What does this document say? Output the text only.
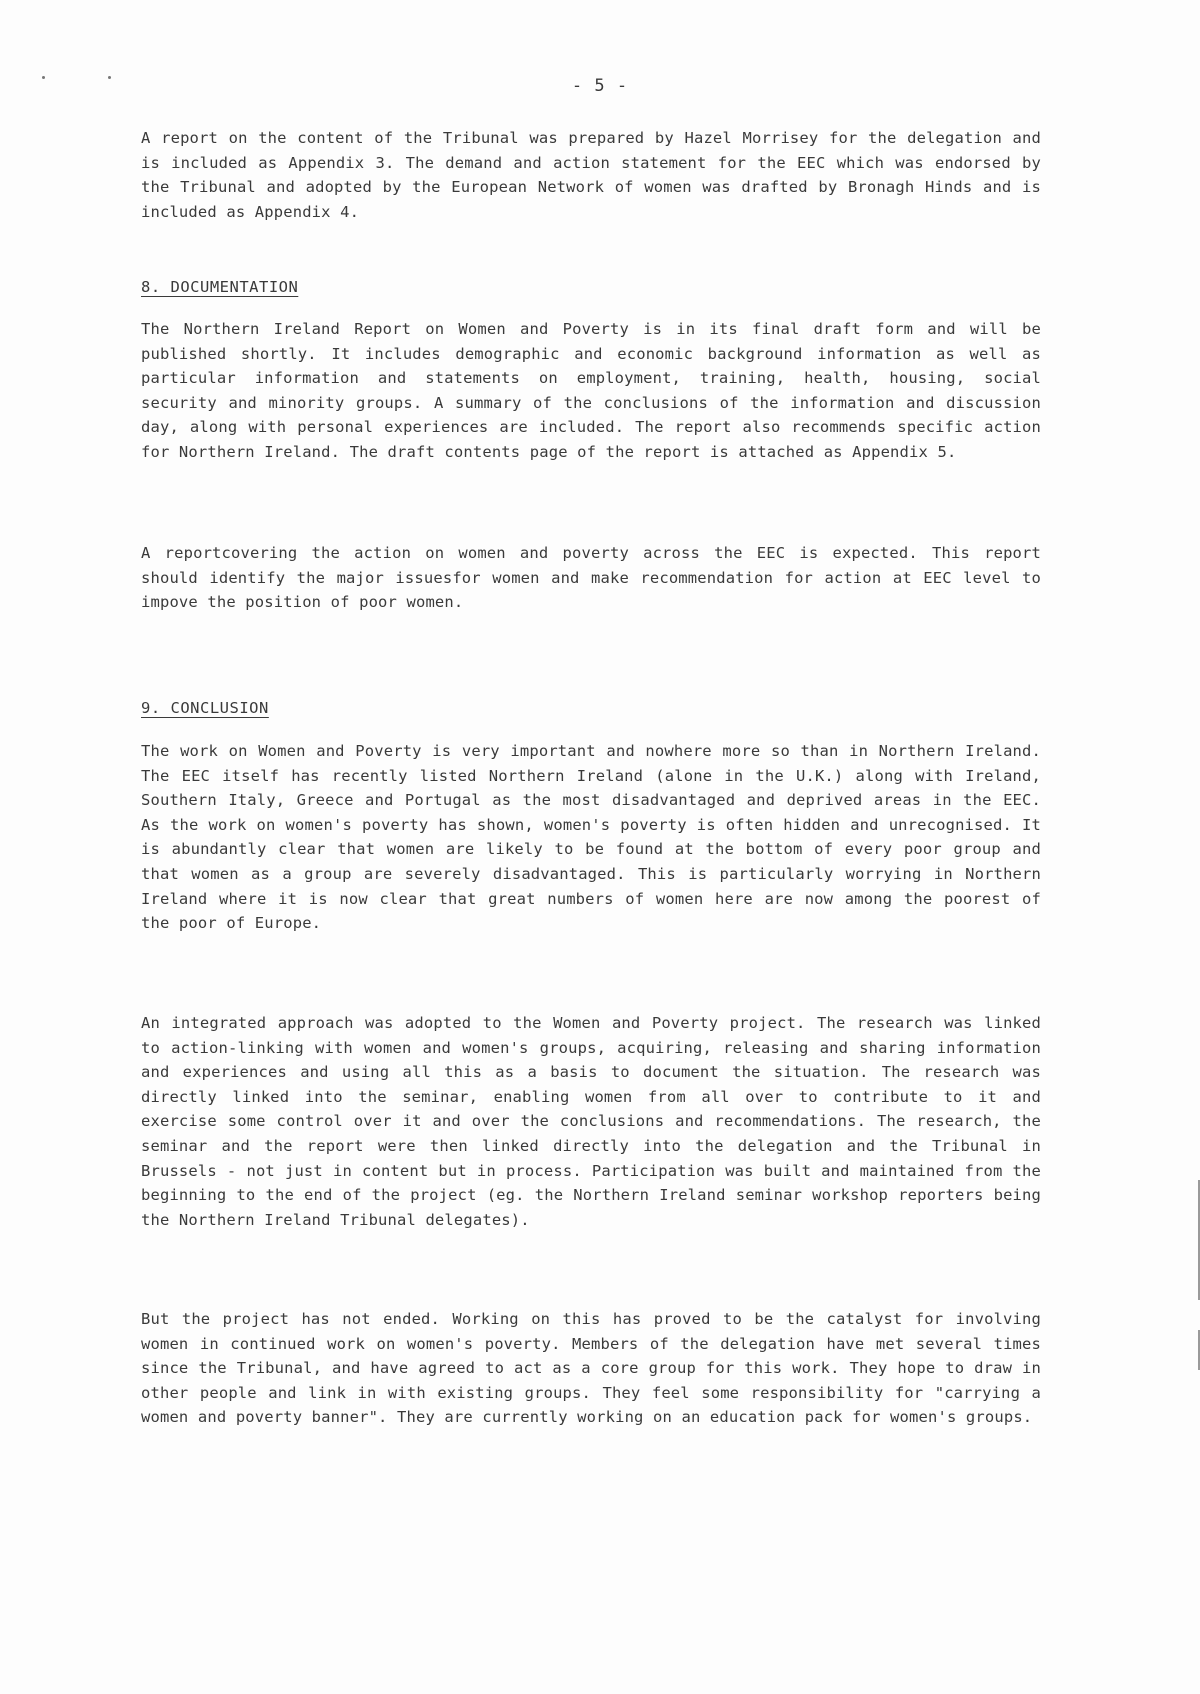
- 5 -

A report on the content of the Tribunal was prepared by Hazel Morrisey for the delegation and is included as Appendix 3. The demand and action statement for the EEC which was endorsed by the Tribunal and adopted by the European Network of women was drafted by Bronagh Hinds and is included as Appendix 4.

8. DOCUMENTATION

The Northern Ireland Report on Women and Poverty is in its final draft form and will be published shortly. It includes demographic and economic background information as well as particular information and statements on employment, training, health, housing, social security and minority groups. A summary of the conclusions of the information and discussion day, along with personal experiences are included. The report also recommends specific action for Northern Ireland. The draft contents page of the report is attached as Appendix 5.

A reportcovering the action on women and poverty across the EEC is expected. This report should identify the major issuesfor women and make recommendation for action at EEC level to impove the position of poor women.

9. CONCLUSION

The work on Women and Poverty is very important and nowhere more so than in Northern Ireland. The EEC itself has recently listed Northern Ireland (alone in the U.K.) along with Ireland, Southern Italy, Greece and Portugal as the most disadvantaged and deprived areas in the EEC. As the work on women's poverty has shown, women's poverty is often hidden and unrecognised. It is abundantly clear that women are likely to be found at the bottom of every poor group and that women as a group are severely disadvantaged. This is particularly worrying in Northern Ireland where it is now clear that great numbers of women here are now among the poorest of the poor of Europe.

An integrated approach was adopted to the Women and Poverty project. The research was linked to action-linking with women and women's groups, acquiring, releasing and sharing information and experiences and using all this as a basis to document the situation. The research was directly linked into the seminar, enabling women from all over to contribute to it and exercise some control over it and over the conclusions and recommendations. The research, the seminar and the report were then linked directly into the delegation and the Tribunal in Brussels - not just in content but in process. Participation was built and maintained from the beginning to the end of the project (eg. the Northern Ireland seminar workshop reporters being the Northern Ireland Tribunal delegates).

But the project has not ended. Working on this has proved to be the catalyst for involving women in continued work on women's poverty. Members of the delegation have met several times since the Tribunal, and have agreed to act as a core group for this work. They hope to draw in other people and link in with existing groups. They feel some responsibility for "carrying a women and poverty banner". They are currently working on an education pack for women's groups.
